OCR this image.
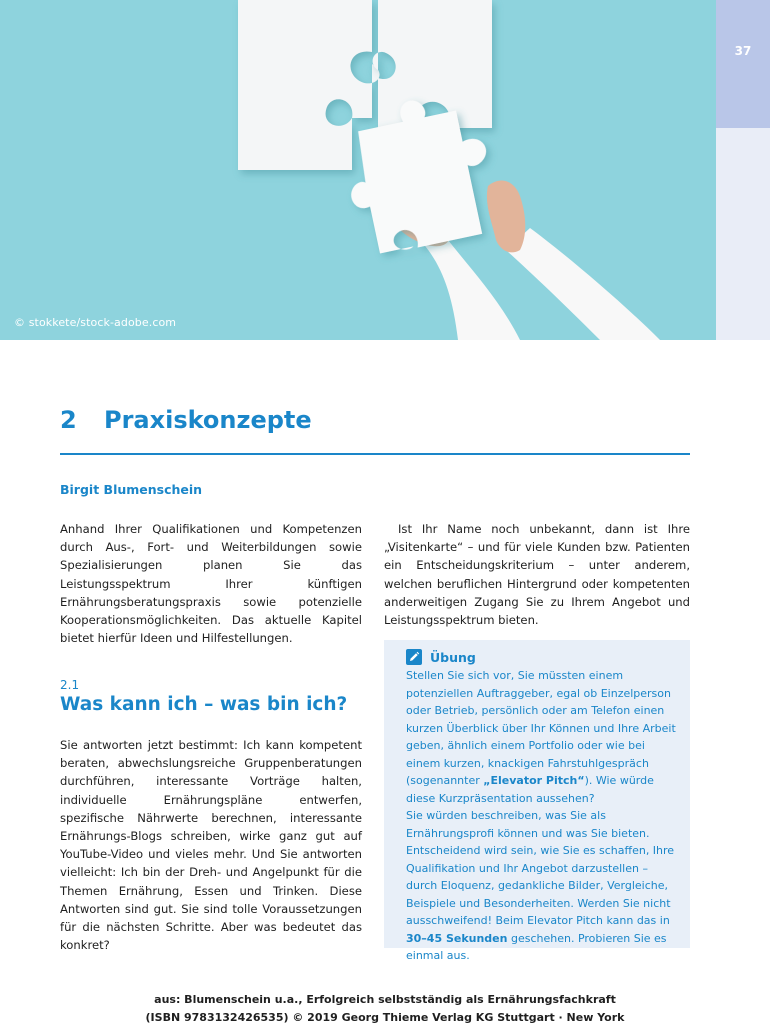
© stokkete/stock-adobe.com
37
2 Praxiskonzepte
Birgit Blumenschein
Anhand Ihrer Qualifikationen und Kompetenzen durch Aus-, Fort- und Weiterbildungen sowie Spezialisierungen planen Sie das Leistungsspektrum Ihrer künftigen Ernährungsberatungspraxis sowie potenzielle Kooperationsmöglichkeiten. Das aktuelle Kapitel bietet hierfür Ideen und Hilfestellungen.
Ist Ihr Name noch unbekannt, dann ist Ihre „Visitenkarte“ – und für viele Kunden bzw. Patienten ein Entscheidungskriterium – unter anderem, welchen beruflichen Hintergrund oder kompetenten anderweitigen Zugang Sie zu Ihrem Angebot und Leistungsspektrum bieten.
2.1
Was kann ich – was bin ich?
Sie antworten jetzt bestimmt: Ich kann kompetent beraten, abwechslungsreiche Gruppenberatungen durchführen, interessante Vorträge halten, individuelle Ernährungspläne entwerfen, spezifische Nährwerte berechnen, interessante Ernährungs-Blogs schreiben, wirke ganz gut auf YouTube-Video und vieles mehr. Und Sie antworten vielleicht: Ich bin der Dreh- und Angelpunkt für die Themen Ernährung, Essen und Trinken. Diese Antworten sind gut. Sie sind tolle Voraussetzungen für die nächsten Schritte. Aber was bedeutet das konkret?
Übung
Stellen Sie sich vor, Sie müssten einem potenziellen Auftraggeber, egal ob Einzelperson oder Betrieb, persönlich oder am Telefon einen kurzen Überblick über Ihr Können und Ihre Arbeit geben, ähnlich einem Portfolio oder wie bei einem kurzen, knackigen Fahrstuhlgespräch (sogenannter „Elevator Pitch“). Wie würde diese Kurzpräsentation aussehen?
Sie würden beschreiben, was Sie als Ernährungsprofi können und was Sie bieten. Entscheidend wird sein, wie Sie es schaffen, Ihre Qualifikation und Ihr Angebot darzustellen – durch Eloquenz, gedankliche Bilder, Vergleiche, Beispiele und Besonderheiten. Werden Sie nicht ausschweifend! Beim Elevator Pitch kann das in 30–45 Sekunden geschehen. Probieren Sie es einmal aus.
aus: Blumenschein u.a., Erfolgreich selbstständig als Ernährungsfachkraft
(ISBN 9783132426535) © 2019 Georg Thieme Verlag KG Stuttgart · New York
